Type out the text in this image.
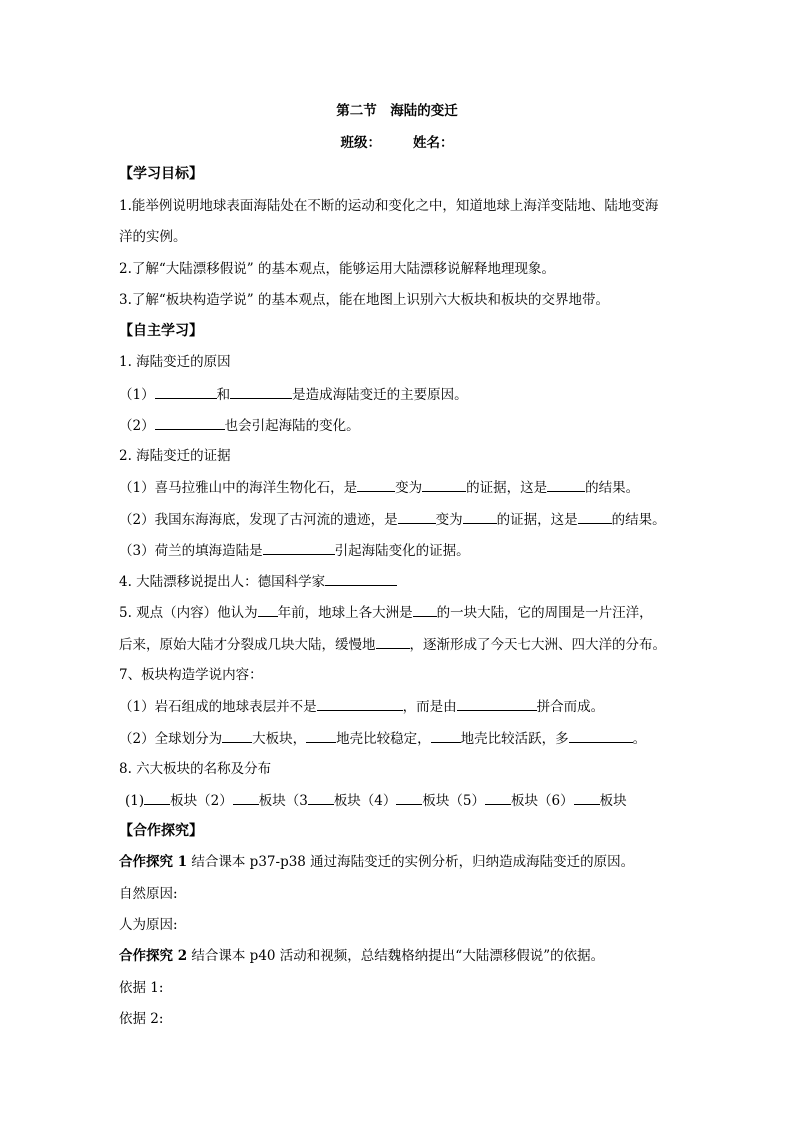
第二节　海陆的变迁
班级： 姓名：
【学习目标】
1.能举例说明地球表面海陆处在不断的运动和变化之中，知道地球上海洋变陆地、陆地变海
洋的实例。
2.了解“大陆漂移假说” 的基本观点，能够运用大陆漂移说解释地理现象。
3.了解“板块构造学说” 的基本观点，能在地图上识别六大板块和板块的交界地带。
【自主学习】
1. 海陆变迁的原因
（1）	和	是造成海陆变迁的主要原因。
（2）	也会引起海陆的变化。
2. 海陆变迁的证据
（1）喜马拉雅山中的海洋生物化石，是	变为	的证据，这是	的结果。
（2）我国东海海底，发现了古河流的遗迹，是	变为	的证据，这是	的结果。
（3）荷兰的填海造陆是	引起海陆变化的证据。
4. 大陆漂移说提出人：德国科学家
5. 观点（内容）他认为 年前，地球上各大洲是 的一块大陆，它的周围是一片汪洋，
后来，原始大陆才分裂成几块大陆，缓慢地	，逐渐形成了今天七大洲、四大洋的分布。
7、板块构造学说内容：
（1）岩石组成的地球表层并不是	，而是由	拼合而成。
（2）全球划分为 大板块， 地壳比较稳定， 地壳比较活跃，多	。
8. 六大板块的名称及分布
(1) 板块（2） 板块（3 板块（4） 板块（5） 板块（6） 板块
【合作探究】
合作探究 1 结合课本 p37-p38 通过海陆变迁的实例分析，归纳造成海陆变迁的原因。
自然原因:
人为原因:
合作探究 2 结合课本 p40 活动和视频，总结魏格纳提出“大陆漂移假说”的依据。
依据 1:
依据 2:
